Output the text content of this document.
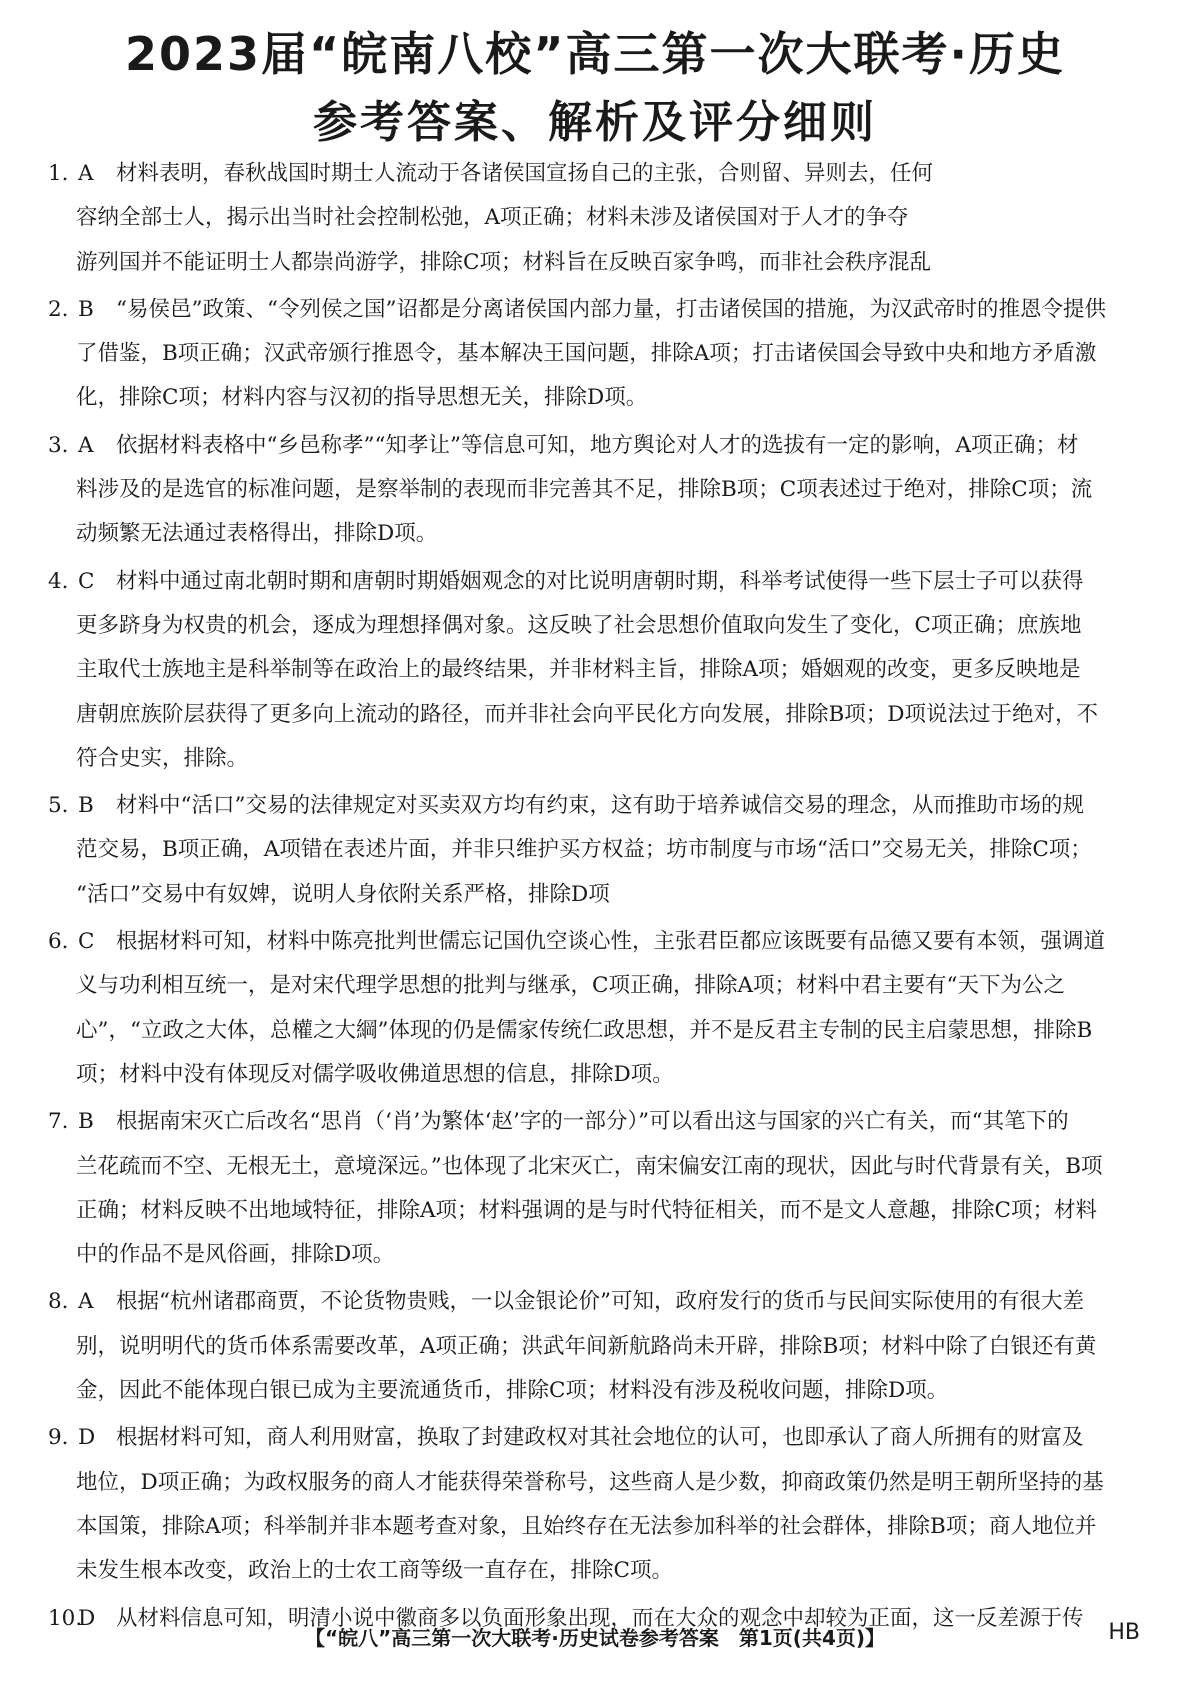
2023届“皖南八校”高三第一次大联考·历史
参考答案、解析及评分细则
1. A 材料表明，春秋战国时期士人流动于各诸侯国宣扬自己的主张，合则留、异则去，任何
容纳全部士人，揭示出当时社会控制松弛，A项正确；材料未涉及诸侯国对于人才的争夺
游列国并不能证明士人都崇尚游学，排除C项；材料旨在反映百家争鸣，而非社会秩序混乱
2. B “易侯邑”政策、“令列侯之国”诏都是分离诸侯国内部力量，打击诸侯国的措施，为汉武帝时的推恩令提供
了借鉴，B项正确；汉武帝颁行推恩令，基本解决王国问题，排除A项；打击诸侯国会导致中央和地方矛盾激
化，排除C项；材料内容与汉初的指导思想无关，排除D项。
3. A 依据材料表格中“乡邑称孝”“知孝让”等信息可知，地方舆论对人才的选拔有一定的影响，A项正确；材
料涉及的是选官的标准问题，是察举制的表现而非完善其不足，排除B项；C项表述过于绝对，排除C项；流
动频繁无法通过表格得出，排除D项。
4. C 材料中通过南北朝时期和唐朝时期婚姻观念的对比说明唐朝时期，科举考试使得一些下层士子可以获得
更多跻身为权贵的机会，逐成为理想择偶对象。这反映了社会思想价值取向发生了变化，C项正确；庶族地
主取代士族地主是科举制等在政治上的最终结果，并非材料主旨，排除A项；婚姻观的改变，更多反映地是
唐朝庶族阶层获得了更多向上流动的路径，而并非社会向平民化方向发展，排除B项；D项说法过于绝对，不
符合史实，排除。
5. B 材料中“活口”交易的法律规定对买卖双方均有约束，这有助于培养诚信交易的理念，从而推助市场的规
范交易，B项正确，A项错在表述片面，并非只维护买方权益；坊市制度与市场“活口”交易无关，排除C项；
“活口”交易中有奴婢，说明人身依附关系严格，排除D项
6. C 根据材料可知，材料中陈亮批判世儒忘记国仇空谈心性，主张君臣都应该既要有品德又要有本领，强调道
义与功利相互统一，是对宋代理学思想的批判与继承，C项正确，排除A项；材料中君主要有“天下为公之
心”，“立政之大体，总權之大綱”体现的仍是儒家传统仁政思想，并不是反君主专制的民主启蒙思想，排除B
项；材料中没有体现反对儒学吸收佛道思想的信息，排除D项。
7. B 根据南宋灭亡后改名“思肖（‘肖’为繁体‘赵’字的一部分）”可以看出这与国家的兴亡有关，而“其笔下的
兰花疏而不空、无根无土，意境深远。”也体现了北宋灭亡，南宋偏安江南的现状，因此与时代背景有关，B项
正确；材料反映不出地域特征，排除A项；材料强调的是与时代特征相关，而不是文人意趣，排除C项；材料
中的作品不是风俗画，排除D项。
8. A 根据“杭州诸郡商贾，不论货物贵贱，一以金银论价”可知，政府发行的货币与民间实际使用的有很大差
别，说明明代的货币体系需要改革，A项正确；洪武年间新航路尚未开辟，排除B项；材料中除了白银还有黄
金，因此不能体现白银已成为主要流通货币，排除C项；材料没有涉及税收问题，排除D项。
9. D 根据材料可知，商人利用财富，换取了封建政权对其社会地位的认可，也即承认了商人所拥有的财富及
地位，D项正确；为政权服务的商人才能获得荣誉称号，这些商人是少数，抑商政策仍然是明王朝所坚持的基
本国策，排除A项；科举制并非本题考查对象，且始终存在无法参加科举的社会群体，排除B项；商人地位并
未发生根本改变，政治上的士农工商等级一直存在，排除C项。
10.D 从材料信息可知，明清小说中徽商多以负面形象出现，而在大众的观念中却较为正面，这一反差源于传
【“皖八”高三第一次大联考·历史试卷参考答案　第1页(共4页)】	HB
